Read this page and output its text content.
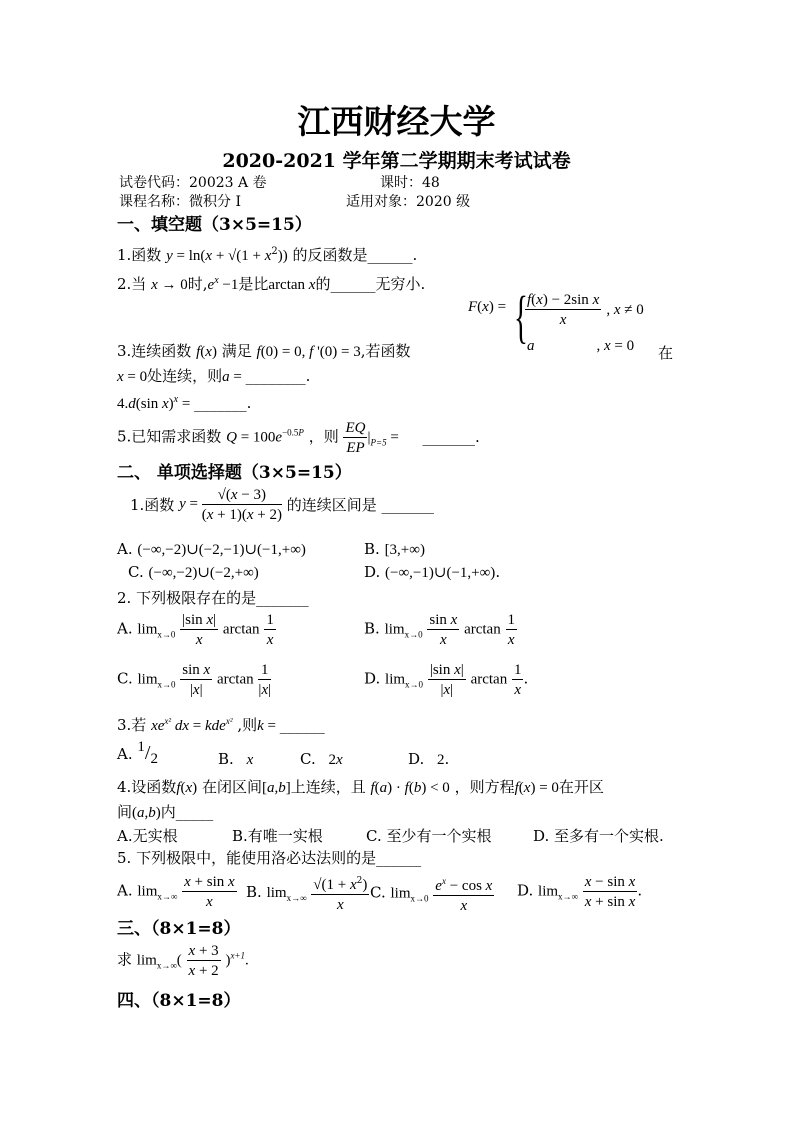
江西财经大学
2020-2021 学年第二学期期末考试试卷
试卷代码：20023 A 卷	课时：48
课程名称：微积分 I	适用对象：2020 级
一、填空题（3×5=15）
1.函数 $y = \ln(x + √(1 + x^2))$ 的反函数是______.
2.当 x → 0时$,e^x -1$是比arctan x的______无穷小.
F(x) = {
$\frac{\text{f(x) − 2sin x}}{x}$ , x ≠ 0
a	, x = 0
3.连续函数 f(x) 满足 f(0) = 0, f '(0) = 3,若函数	在
x = 0处连续，则a = ________.
4.d(sin x)$^x$ = _______.
5.已知需求函数 $Q = 100e^{-0.5P}$ ，则 $\frac{EQ}{EP} |_{P=5}$ = _______.
二、 单项选择题（3×5=15）
1.函数 $y = \frac{√(x - 3)}{(x + 1)(x + 2)}$ 的连续区间是 _______
A. (−∞,−2)∪(−2,−1)∪(−1,+∞)	B. [3,+∞)
C. (−∞,−2)∪(−2,+∞)	D. (−∞,−1)∪(−1,+∞).
2. 下列极限存在的是_______
A. $\lim_{x\to 0} \frac{\text{|sin x|}}{x}$ $\arctan \frac{1}{x}$	B. $\lim_{x\to 0} \frac{\text{sin x}}{x}$ $\arctan \frac{1}{x}$
C. $\lim_{x\to 0} \frac{\text{sin x}}{|x|}$ $\arctan \frac{1}{|x|}$	D. $\lim_{x\to 0} \frac{\text{|sin x|}}{|x|}$ $\arctan \frac{1}{x}$ .
3.若 $xe^{x^2}$ dx = kde$^{x^2}$ ,则k = ______
A. 1/2	B. x	C. 2x	D. 2.
4.设函数f(x) 在闭区间[a,b]上连续，且 f(a) · f(b) < 0 ，则方程f(x) = 0在开区
间(a,b)内_____
A.无实根	B.有唯一实根	C. 至少有一个实根	D. 至多有一个实根.
5. 下列极限中，能使用洛必达法则的是______
A. $\lim_{x\to\infty} \frac{\text{x + sin x}}{x} B$. $\lim_{x\to\infty} \frac{√(1 + x^2)}{x} C$. $\lim_{x\to 0} \frac{e^x - \cos x}{x} D$. $\lim_{x\to\infty} \frac{\text{x − sin x}}{\text{x + sin x}}$ .
三、（8×1=8）
求 $\lim_{x\to\infty}( \frac{x + 3}{x + 2} )^{x+1}$.
四、（8×1=8）
